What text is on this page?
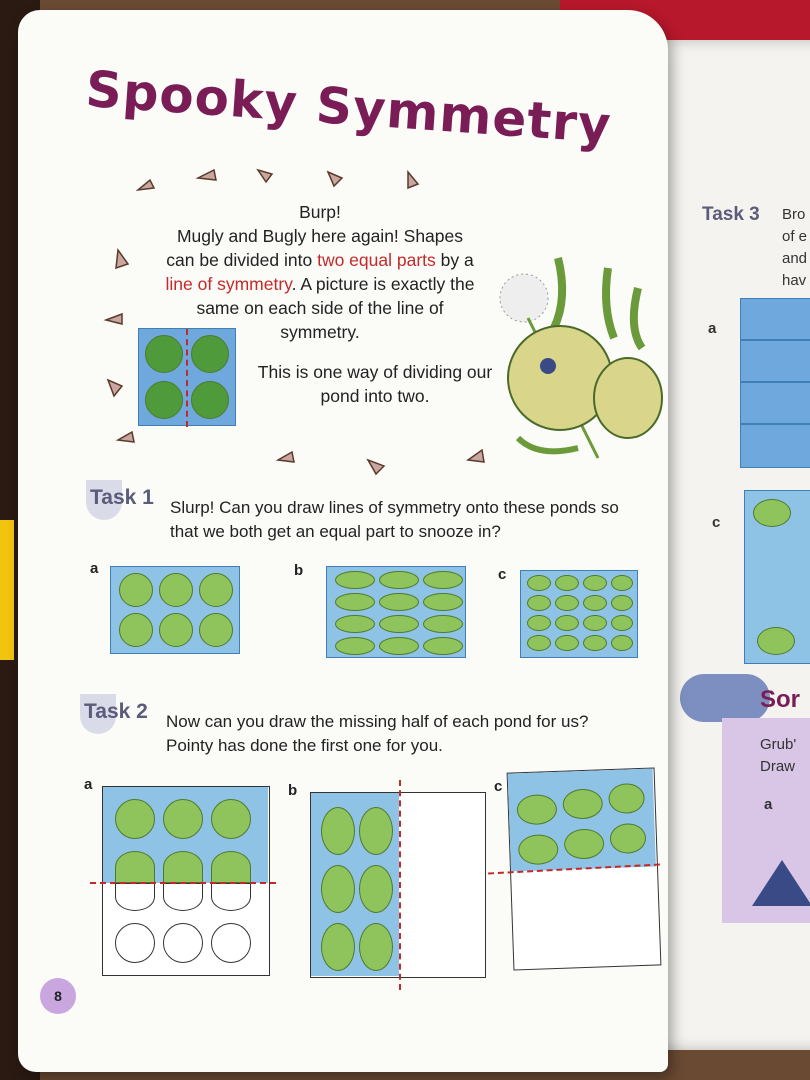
Task 3 Bro
of e
and
hav
a
c
Sor
Grub'
Draw
a
Spooky Symmetry

Burp!

Mugly and Bugly here again! Shapes

can be divided into two equal parts by a

line of symmetry. A picture is exactly the

same on each side of the line of

symmetry.

This is one way of dividing our pond into two.
Task 1 Slurp! Can you draw lines of symmetry onto these ponds so
that we both get an equal part to snooze in?
a	b	c
Task 2 Now can you draw the missing half of each pond for us?
Pointy has done the first one for you.
a	b	c
8
